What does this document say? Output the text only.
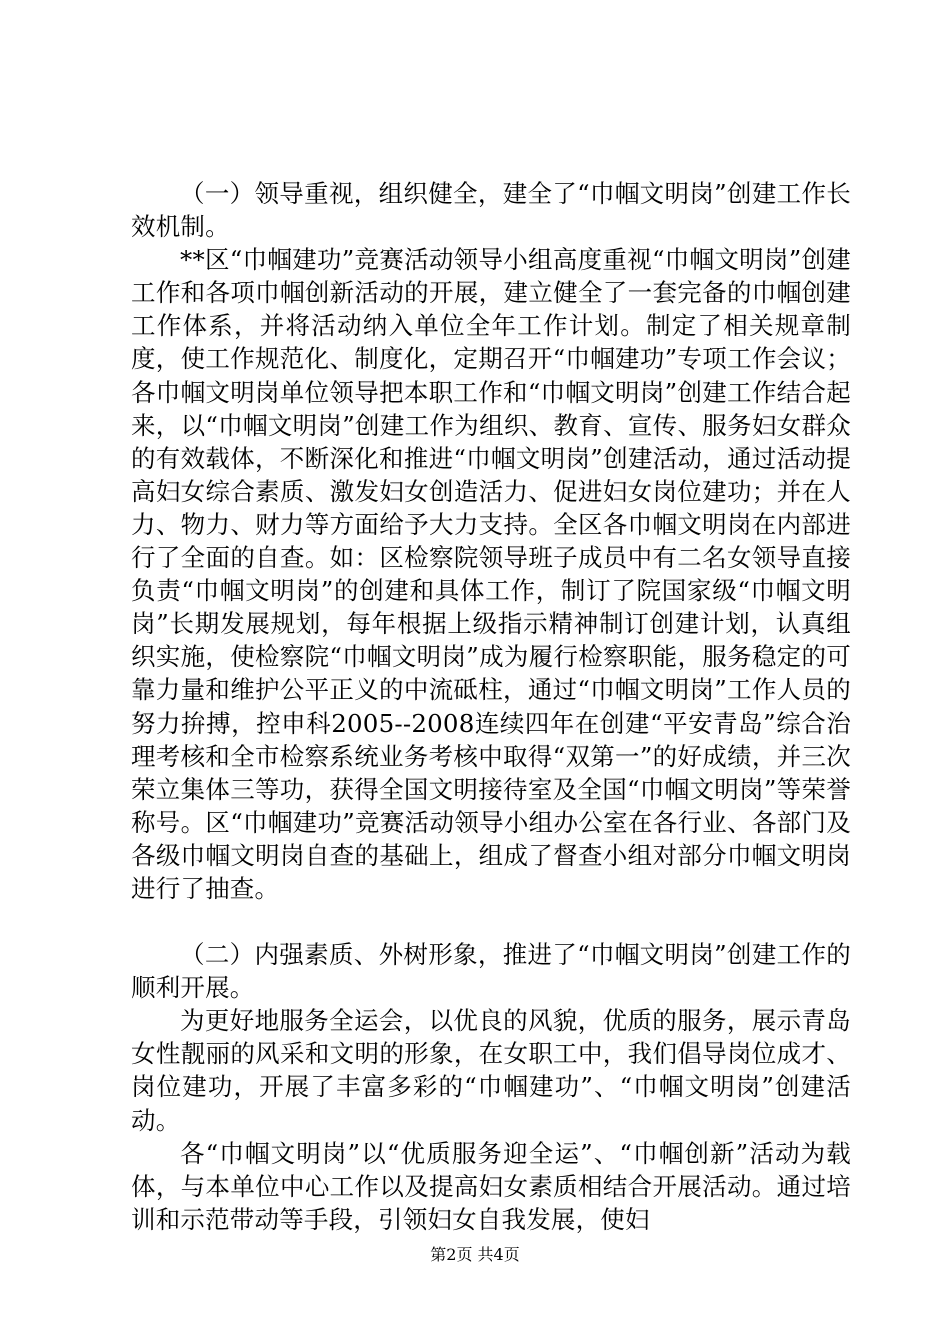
（一）领导重视，组织健全，建全了“巾帼文明岗”创建工作长效机制。

**区“巾帼建功”竞赛活动领导小组高度重视“巾帼文明岗”创建工作和各项巾帼创新活动的开展，建立健全了一套完备的巾帼创建工作体系，并将活动纳入单位全年工作计划。制定了相关规章制度，使工作规范化、制度化，定期召开“巾帼建功”专项工作会议；各巾帼文明岗单位领导把本职工作和“巾帼文明岗”创建工作结合起来，以“巾帼文明岗”创建工作为组织、教育、宣传、服务妇女群众的有效载体，不断深化和推进“巾帼文明岗”创建活动，通过活动提高妇女综合素质、激发妇女创造活力、促进妇女岗位建功；并在人力、物力、财力等方面给予大力支持。全区各巾帼文明岗在内部进行了全面的自查。如：区检察院领导班子成员中有二名女领导直接负责“巾帼文明岗”的创建和具体工作，制订了院国家级“巾帼文明岗”长期发展规划，每年根据上级指示精神制订创建计划，认真组织实施，使检察院“巾帼文明岗”成为履行检察职能，服务稳定的可靠力量和维护公平正义的中流砥柱，通过“巾帼文明岗”工作人员的努力拚搏，控申科2005--2008连续四年在创建“平安青岛”综合治理考核和全市检察系统业务考核中取得“双第一”的好成绩，并三次荣立集体三等功，获得全国文明接待室及全国“巾帼文明岗”等荣誉称号。区“巾帼建功”竞赛活动领导小组办公室在各行业、各部门及各级巾帼文明岗自查的基础上，组成了督查小组对部分巾帼文明岗进行了抽查。

（二）内强素质、外树形象，推进了“巾帼文明岗”创建工作的顺利开展。

为更好地服务全运会，以优良的风貌，优质的服务，展示青岛女性靓丽的风采和文明的形象，在女职工中，我们倡导岗位成才、岗位建功，开展了丰富多彩的“巾帼建功”、“巾帼文明岗”创建活动。

各“巾帼文明岗”以“优质服务迎全运”、“巾帼创新”活动为载体，与本单位中心工作以及提高妇女素质相结合开展活动。通过培训和示范带动等手段，引领妇女自我发展，使妇

第2页 共4页
